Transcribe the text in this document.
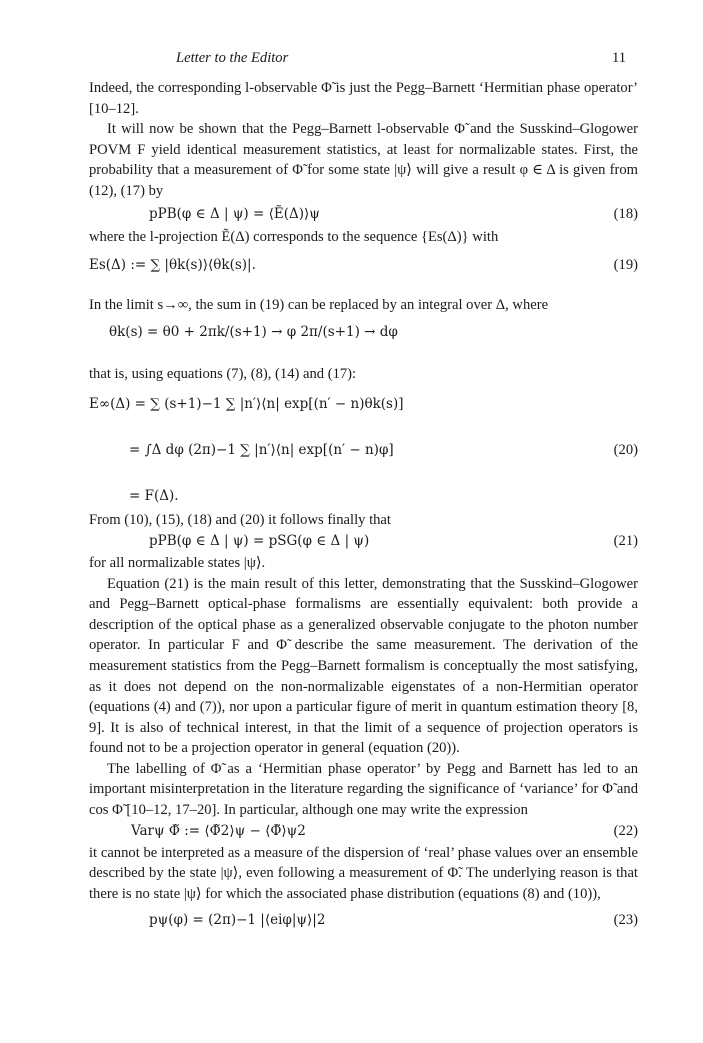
Letter to the Editor	11

Indeed, the corresponding l-observable Φ̃ is just the Pegg–Barnett ‘Hermitian phase operator’ [10–12].

It will now be shown that the Pegg–Barnett l-observable Φ̃ and the Susskind–Glogower POVM F yield identical measurement statistics, at least for normalizable states. First, the probability that a measurement of Φ̃ for some state |ψ⟩ will give a result φ ∈ Δ is given from (12), (17) by

pPB(φ ∈ Δ | ψ) = ⟨Ẽ(Δ)⟩ψ	(18)

where the l-projection Ẽ(Δ) corresponds to the sequence {Es(Δ)} with

Es(Δ) := ∑ |θk(s)⟩⟨θk(s)|.	(19)

In the limit s→∞, the sum in (19) can be replaced by an integral over Δ, where

θk(s) = θ0 + 2πk/(s+1) → φ 2π/(s+1) → dφ

that is, using equations (7), (8), (14) and (17):

E∞(Δ) = ∑ (s+1)−1 ∑ |n′⟩⟨n| exp[(n′ − n)θk(s)]
= ∫Δ dφ (2π)−1 ∑ |n′⟩⟨n| exp[(n′ − n)φ]	(20)
= F(Δ).

From (10), (15), (18) and (20) it follows finally that

pPB(φ ∈ Δ | ψ) = pSG(φ ∈ Δ | ψ)	(21)

for all normalizable states |ψ⟩.

Equation (21) is the main result of this letter, demonstrating that the Susskind–Glogower and Pegg–Barnett optical-phase formalisms are essentially equivalent: both provide a description of the optical phase as a generalized observable conjugate to the photon number operator. In particular F and Φ̃ describe the same measurement. The derivation of the measurement statistics from the Pegg–Barnett formalism is conceptually the most satisfying, as it does not depend on the non-normalizable eigenstates of a non-Hermitian operator (equations (4) and (7)), nor upon a particular figure of merit in quantum estimation theory [8, 9]. It is also of technical interest, in that the limit of a sequence of projection operators is found not to be a projection operator in general (equation (20)).

The labelling of Φ̃ as a ‘Hermitian phase operator’ by Pegg and Barnett has led to an important misinterpretation in the literature regarding the significance of ‘variance’ for Φ̃ and cos Φ̃ [10–12, 17–20]. In particular, although one may write the expression

Varψ Φ̃ := ⟨Φ̃2⟩ψ − ⟨Φ̃⟩ψ2	(22)

it cannot be interpreted as a measure of the dispersion of ‘real’ phase values over an ensemble described by the state |ψ⟩, even following a measurement of Φ̃. The underlying reason is that there is no state |ψ⟩ for which the associated phase distribution (equations (8) and (10)),

pψ(φ) = (2π)−1 |⟨eiφ|ψ⟩|2	(23)
